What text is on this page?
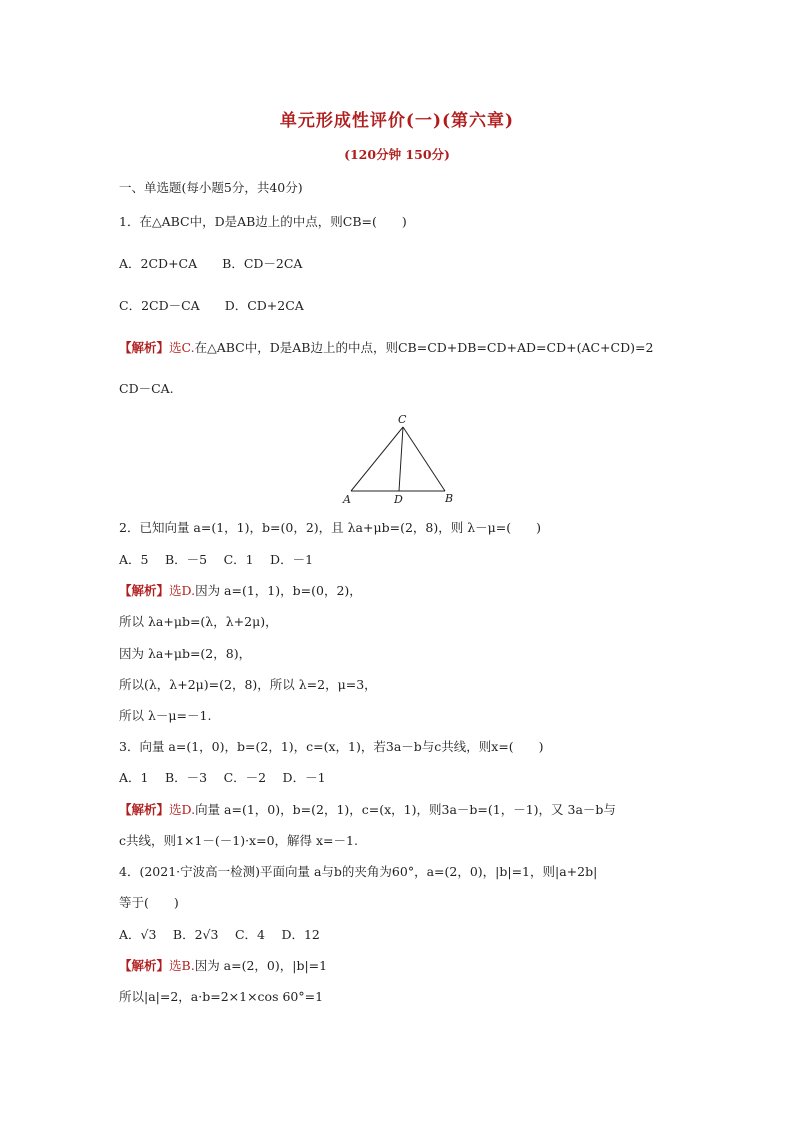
单元形成性评价(一)(第六章)
(120分钟 150分)
一、单选题(每小题5分，共40分)
1．在△ABC中，D是AB边上的中点，则CB=(　　)
A．2CD+CA　　B．CD－2CA
C．2CD－CA　　D．CD+2CA
【解析】选C.在△ABC中，D是AB边上的中点，则CB=CD+DB=CD+AD=CD+(AC+CD)=2
CD－CA.
A	B
C
D
2．已知向量 a=(1，1)，b=(0，2)，且 λa+μb=(2，8)，则 λ－μ=(　　)
A．5　 B．－5　 C．1　 D．－1
【解析】选D.因为 a=(1，1)，b=(0，2)，
所以 λa+μb=(λ，λ+2μ)，
因为 λa+μb=(2，8)，
所以(λ，λ+2μ)=(2，8)，所以 λ=2，μ=3，
所以 λ－μ=－1.
3．向量 a=(1，0)，b=(2，1)，c=(x，1)，若3a－b与c共线，则x=(　　)
A．1　 B．－3　 C．－2　 D．－1
【解析】选D.向量 a=(1，0)，b=(2，1)，c=(x，1)，则3a－b=(1，－1)，又 3a－b与
c共线，则1×1－(－1)·x=0，解得 x=－1.
4．(2021·宁波高一检测)平面向量 a与b的夹角为60°，a=(2，0)，|b|=1，则|a+2b|
等于(　　)
A．√3　 B．2√3　 C．4　 D．12
【解析】选B.因为 a=(2，0)，|b|=1
所以|a|=2，a·b=2×1×cos 60°=1
